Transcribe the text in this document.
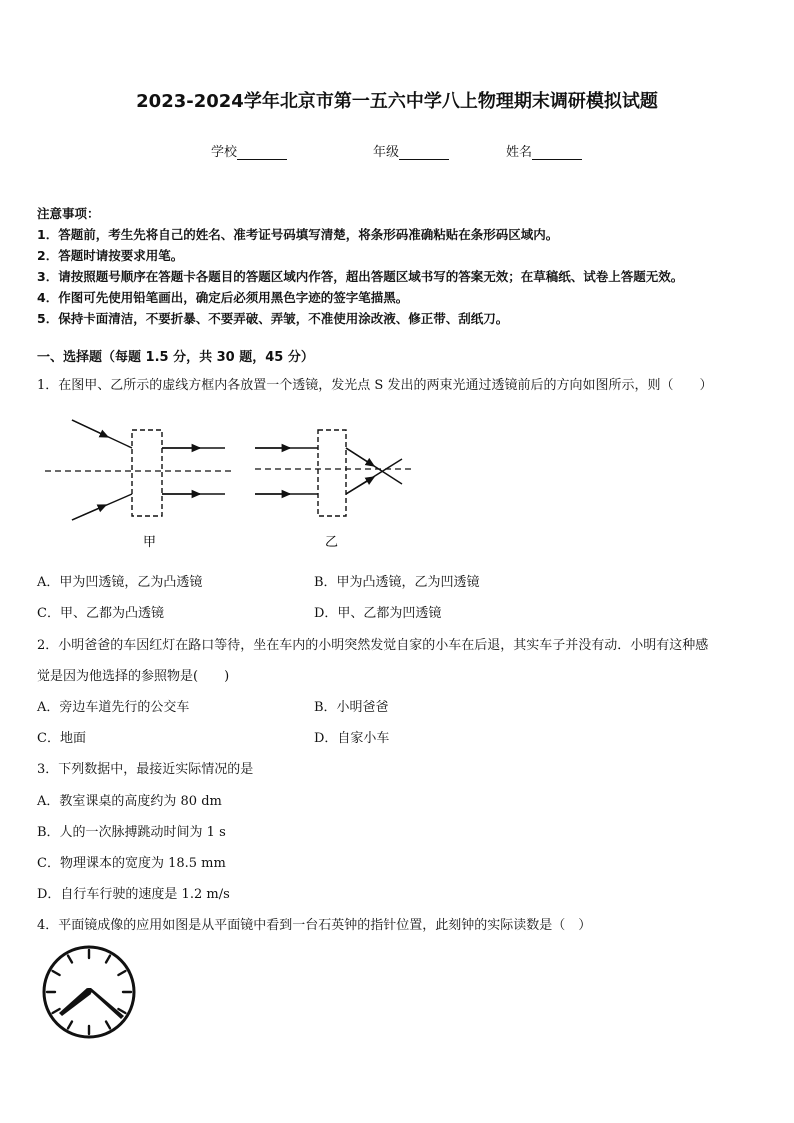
2023-2024学年北京市第一五六中学八上物理期末调研模拟试题
学校	年级	姓名
注意事项：
1．答题前，考生先将自己的姓名、准考证号码填写清楚，将条形码准确粘贴在条形码区域内。
2．答题时请按要求用笔。
3．请按照题号顺序在答题卡各题目的答题区域内作答，超出答题区域书写的答案无效；在草稿纸、试卷上答题无效。
4．作图可先使用铅笔画出，确定后必须用黑色字迹的签字笔描黑。
5．保持卡面清洁，不要折暴、不要弄破、弄皱，不准使用涂改液、修正带、刮纸刀。
一、选择题（每题 1.5 分，共 30 题，45 分）
1．在图甲、乙所示的虚线方框内各放置一个透镜，发光点 S 发出的两束光通过透镜前后的方向如图所示，则（　　）
甲	乙
A．甲为凹透镜，乙为凸透镜	B．甲为凸透镜，乙为凹透镜
C．甲、乙都为凸透镜	D．甲、乙都为凹透镜
2．小明爸爸的车因红灯在路口等待，坐在车内的小明突然发觉自家的小车在后退，其实车子并没有动．小明有这种感
觉是因为他选择的参照物是(　　)
A．旁边车道先行的公交车	B．小明爸爸
C．地面	D．自家小车
3．下列数据中，最接近实际情况的是
A．教室课桌的高度约为 80 dm
B．人的一次脉搏跳动时间为 1 s
C．物理课本的宽度为 18.5 mm
D．自行车行驶的速度是 1.2 m/s
4．平面镜成像的应用如图是从平面镜中看到一台石英钟的指针位置，此刻钟的实际读数是（　）
